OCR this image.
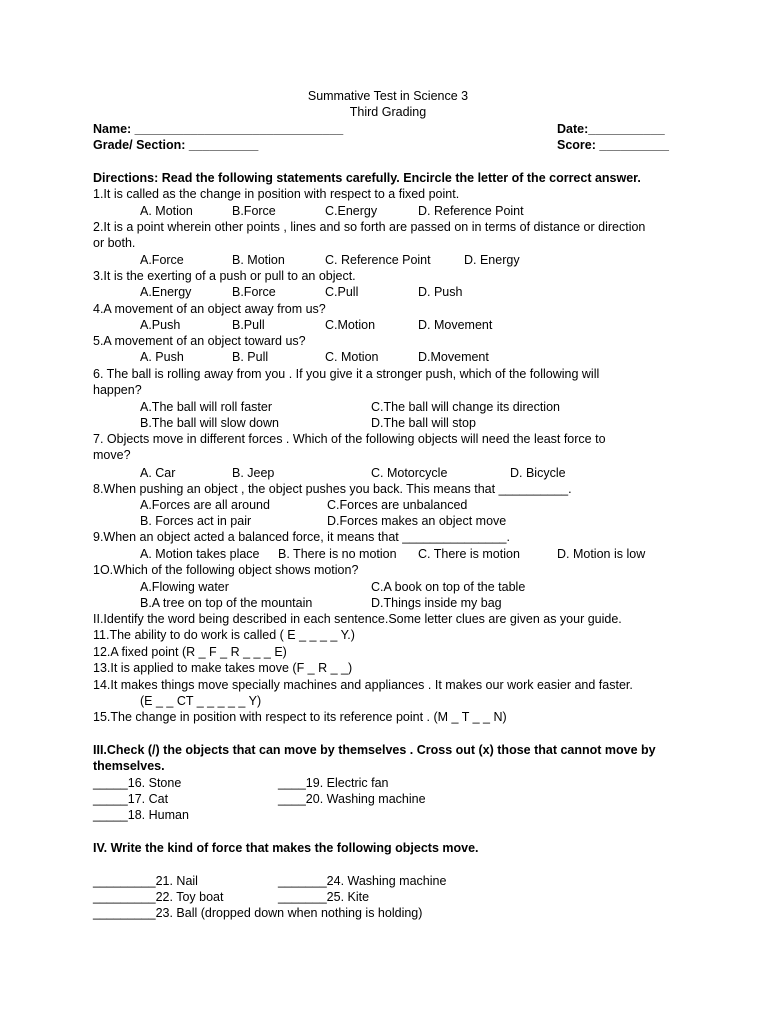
Summative Test in Science 3
Third Grading
Name: ______________________________	Date:___________
Grade/ Section: __________	Score: __________
Directions: Read the following statements carefully. Encircle the letter of the correct answer.
1.It is called as the change in position with respect to a fixed point.
A. Motion	B.Force	C.Energy	D. Reference Point
2.It is a point wherein other points , lines and so forth are passed on in terms of distance or direction
or both.
A.Force	B. Motion	C. Reference Point	D. Energy
3.It is the exerting of a push or pull to an object.
A.Energy	B.Force	C.Pull	D. Push
4.A movement of an object away from us?
A.Push	B.Pull	C.Motion	D. Movement
5.A movement of an object toward us?
A. Push	B. Pull	C. Motion	D.Movement
6. The ball is rolling away from you . If you give it a stronger push, which of the following will
happen?
A.The ball will roll faster	C.The ball will change its direction
B.The ball will slow down	D.The ball will stop
7. Objects move in different forces . Which of the following objects will need the least force to
move?
A. Car	B. Jeep	C. Motorcycle	D. Bicycle
8.When pushing an object , the object pushes you back. This means that __________.
A.Forces are all around	C.Forces are unbalanced
B. Forces act in pair	D.Forces makes an object move
9.When an object acted a balanced force, it means that _______________.
A. Motion takes place B. There is no motion C. There is motion	D. Motion is low
1O.Which of the following object shows motion?
A.Flowing water	C.A book on top of the table
B.A tree on top of the mountain	D.Things inside my bag
II.Identify the word being described in each sentence.Some letter clues are given as your guide.
11.The ability to do work is called ( E _ _ _ _ Y.)
12.A fixed point (R _ F _ R _ _ _ E)
13.It is applied to make takes move (F _ R _ _)
14.It makes things move specially machines and appliances . It makes our work easier and faster.
(E _ _ CT _ _ _ _ _ Y)
15.The change in position with respect to its reference point . (M _ T _ _ N)
III.Check (/) the objects that can move by themselves . Cross out (x) those that cannot move by
themselves.
_____16. Stone	____19. Electric fan
_____17. Cat	____20. Washing machine
_____18. Human
IV. Write the kind of force that makes the following objects move.
_________21. Nail	_______24. Washing machine
_________22. Toy boat	_______25. Kite
_________23. Ball (dropped down when nothing is holding)
